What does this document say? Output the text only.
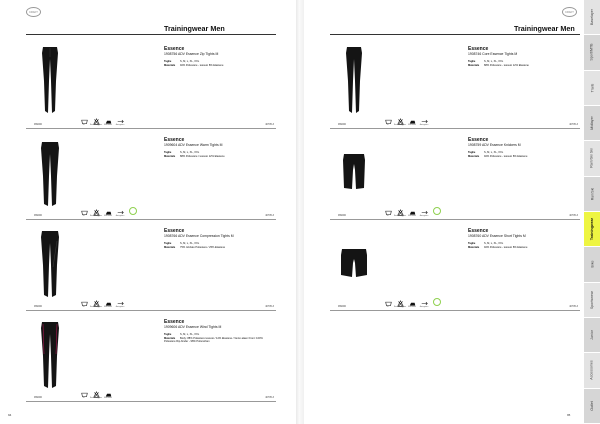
CRAFT
Trainingwear Men
Essence
1908756 ADV Essence Zip Tights M
Taglie	S, M, L, XL, XXL
Materiale 92% Poliestere - tessuto 8% Elastene
40°	Non candeggiare Stiro basso Asciugatura
999000	40705-3
Essence
1909604 ADV Essence Warm Tights M
Taglie	S, M, L, XL, XXL
Materiale 88% Poliestere / tessuto 12% Elastene
40°	Non candeggiare Stiro basso Asciugatura
999000	40705-3
Essence
1908766 ADV Essence Compression Tights M
Taglie	S, M, L, XL, XXL
Materiale 75% riciclato Poliestere / 25% Elastene
40°	Non candeggiare Stiro basso Asciugatura
999000	40705-3
Essence
1909606 ADV Essence Wind Tights M
Taglie	S, M, L, XL, XXL
Materiale Body: 88% Poliestere tessuto / 12% Elastene / Vento alaen Front: 100% Poliestere Rip-binder - 98% Poliurethan
40°	Non candeggiare Stiro basso
999000	40705-3
94
CRAFT
Trainingwear Men
Essence
1908746 Core Essence Tights M
Taglie	S, M, L, XL, XXL
Materiale 88% Poliestere - tessuto 12% Elastene
40°	Non candeggiare Stiro basso Asciugatura
999000	40705-3
Essence
1908759 ADV Essence Knickers M
Taglie	S, M, L, XL, XXL
Materiale 92% Poliestere - tessuto 8% Elastene
40°	Non candeggiare Stiro basso Asciugatura
999000	40705-3
Essence
1908760 ADV Essence Short Tights M
Taglie	S, M, L, XL, XXL
Materiale 92% Poliestere - tessuto 8% Elastene
40°	Non candeggiare Stiro basso Asciugatura
999000	40705-3
95
Baselayer
Sport/MTB
Trails
Midlayer
Rain/Ski Ski
Run/Ski
Trainingwear
Bike
Sportswear
Junior
Accessories
Outlet
